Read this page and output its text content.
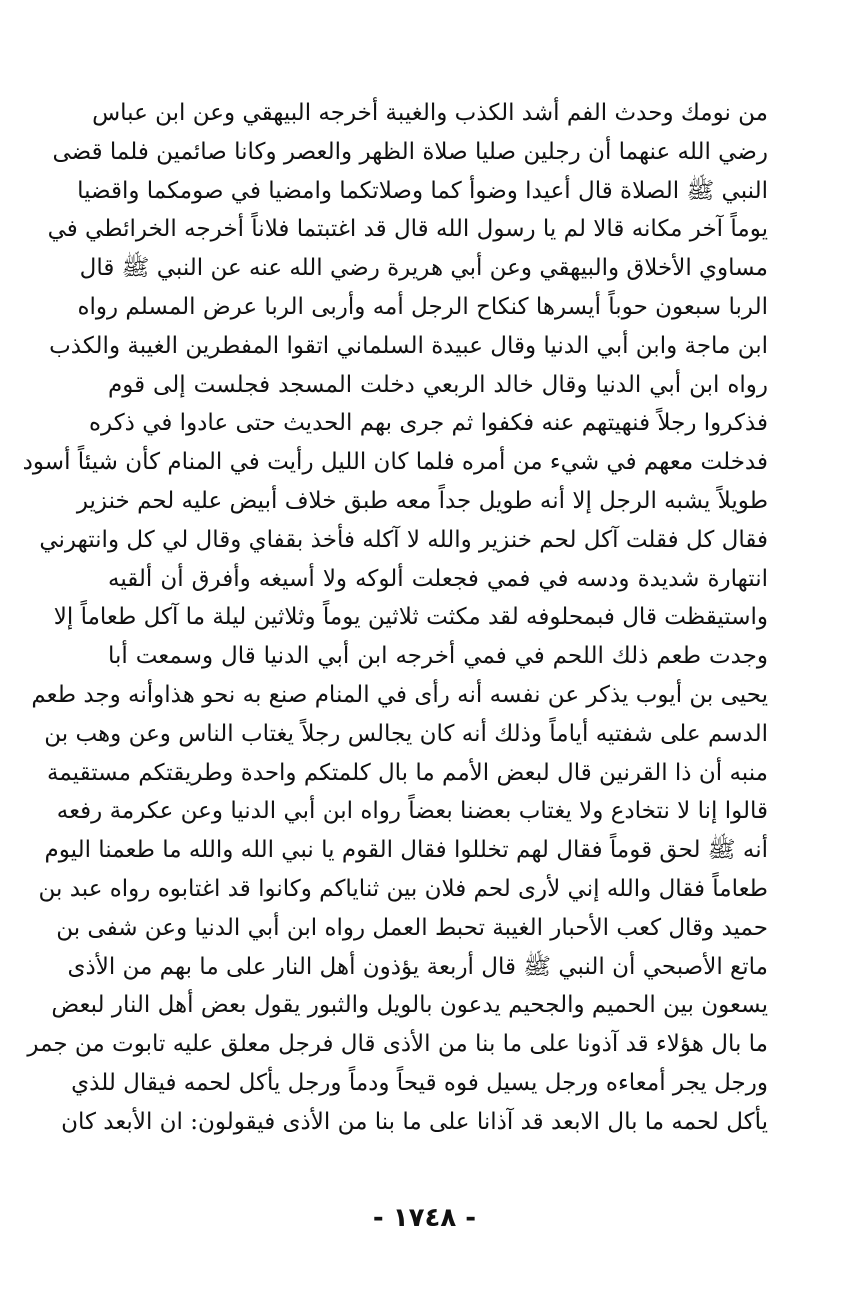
من نومك وحدث الفم أشد الكذب والغيبة أخرجه البيهقي وعن ابن عباس
رضي الله عنهما أن رجلين صليا صلاة الظهر والعصر وكانا صائمين فلما قضى
النبي ﷺ الصلاة قال أعيدا وضوأ كما وصلاتكما وامضيا في صومكما واقضيا
يوماً آخر مكانه قالا لم يا رسول الله قال قد اغتبتما فلاناً أخرجه الخرائطي في
مساوي الأخلاق والبيهقي وعن أبي هريرة رضي الله عنه عن النبي ﷺ قال
الربا سبعون حوباً أيسرها كنكاح الرجل أمه وأربى الربا عرض المسلم رواه
ابن ماجة وابن أبي الدنيا وقال عبيدة السلماني اتقوا المفطرين الغيبة والكذب
رواه ابن أبي الدنيا وقال خالد الربعي دخلت المسجد فجلست إلى قوم
فذكروا رجلاً فنهيتهم عنه فكفوا ثم جرى بهم الحديث حتى عادوا في ذكره
فدخلت معهم في شيء من أمره فلما كان الليل رأيت في المنام كأن شيئاً أسود
طويلاً يشبه الرجل إلا أنه طويل جداً معه طبق خلاف أبيض عليه لحم خنزير
فقال كل فقلت آكل لحم خنزير والله لا آكله فأخذ بقفاي وقال لي كل وانتهرني
انتهارة شديدة ودسه في فمي فجعلت ألوكه ولا أسيغه وأفرق أن ألقيه
واستيقظت قال فبمحلوفه لقد مكثت ثلاثين يوماً وثلاثين ليلة ما آكل طعاماً إلا
وجدت طعم ذلك اللحم في فمي أخرجه ابن أبي الدنيا قال وسمعت أبا
يحيى بن أيوب يذكر عن نفسه أنه رأى في المنام صنع به نحو هذاوأنه وجد طعم
الدسم على شفتيه أياماً وذلك أنه كان يجالس رجلاً يغتاب الناس وعن وهب بن
منبه أن ذا القرنين قال لبعض الأمم ما بال كلمتكم واحدة وطريقتكم مستقيمة
قالوا إنا لا نتخادع ولا يغتاب بعضنا بعضاً رواه ابن أبي الدنيا وعن عكرمة رفعه
أنه ﷺ لحق قوماً فقال لهم تخللوا فقال القوم يا نبي الله والله ما طعمنا اليوم
طعاماً فقال والله إني لأرى لحم فلان بين ثناياكم وكانوا قد اغتابوه رواه عبد بن
حميد وقال كعب الأحبار الغيبة تحبط العمل رواه ابن أبي الدنيا وعن شفى بن
ماتع الأصبحي أن النبي ﷺ قال أربعة يؤذون أهل النار على ما بهم من الأذى
يسعون بين الحميم والجحيم يدعون بالويل والثبور يقول بعض أهل النار لبعض
ما بال هؤلاء قد آذونا على ما بنا من الأذى قال فرجل معلق عليه تابوت من جمر
ورجل يجر أمعاءه ورجل يسيل فوه قيحاً ودماً ورجل يأكل لحمه فيقال للذي
يأكل لحمه ما بال الابعد قد آذانا على ما بنا من الأذى فيقولون: ان الأبعد كان
- ١٧٤٨ -
